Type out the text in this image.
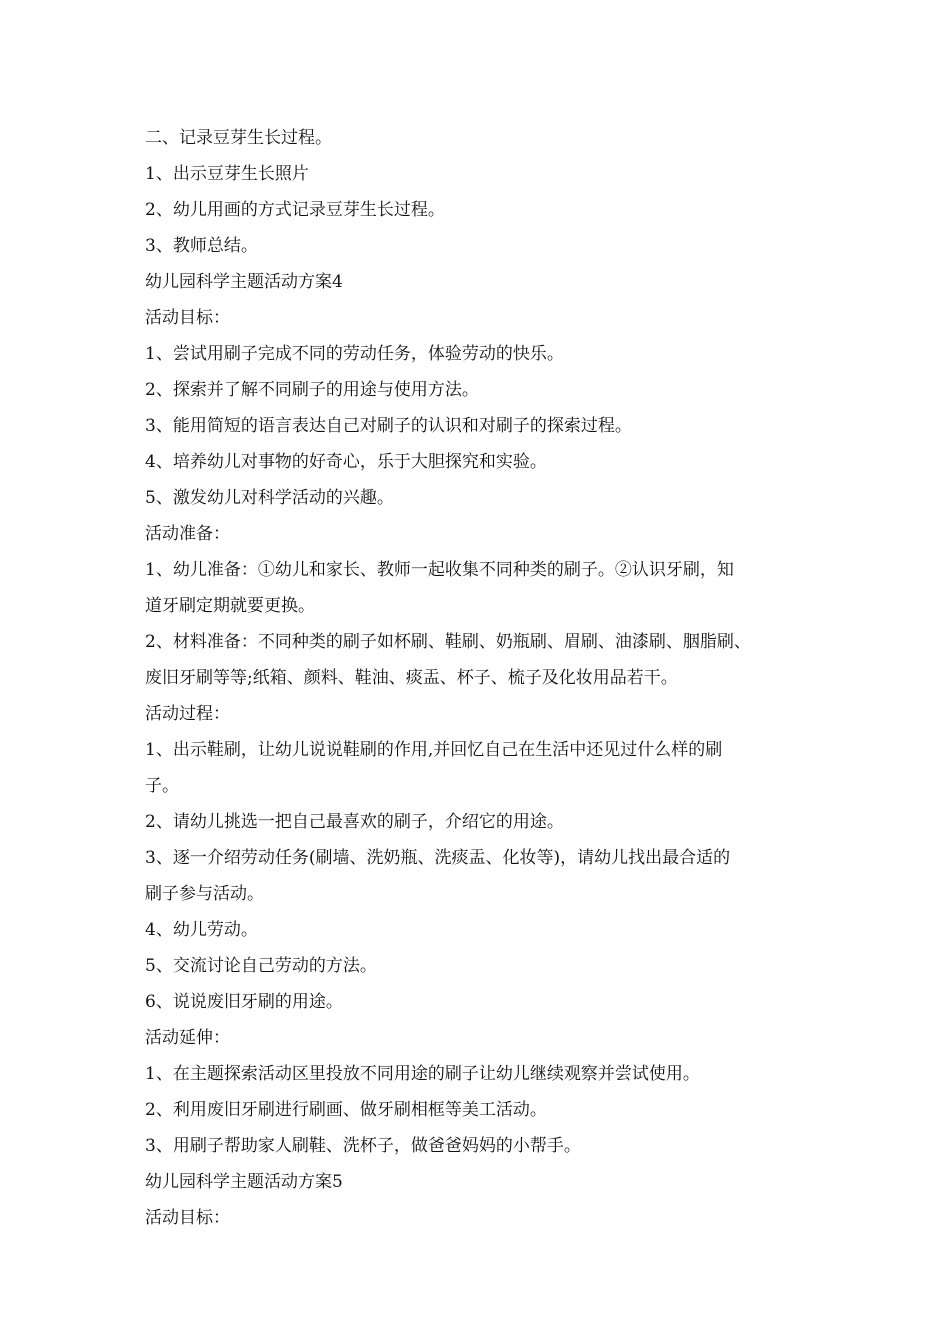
二、记录豆芽生长过程。
1、出示豆芽生长照片
2、幼儿用画的方式记录豆芽生长过程。
3、教师总结。
幼儿园科学主题活动方案4
活动目标：
1、尝试用刷子完成不同的劳动任务，体验劳动的快乐。
2、探索并了解不同刷子的用途与使用方法。
3、能用简短的语言表达自己对刷子的认识和对刷子的探索过程。
4、培养幼儿对事物的好奇心，乐于大胆探究和实验。
5、激发幼儿对科学活动的兴趣。
活动准备：
1、幼儿准备：①幼儿和家长、教师一起收集不同种类的刷子。②认识牙刷，知
道牙刷定期就要更换。
2、材料准备：不同种类的刷子如杯刷、鞋刷、奶瓶刷、眉刷、油漆刷、胭脂刷、
废旧牙刷等等;纸箱、颜料、鞋油、痰盂、杯子、梳子及化妆用品若干。
活动过程：
1、出示鞋刷，让幼儿说说鞋刷的作用,并回忆自己在生活中还见过什么样的刷
子。
2、请幼儿挑选一把自己最喜欢的刷子，介绍它的用途。
3、逐一介绍劳动任务(刷墙、洗奶瓶、洗痰盂、化妆等)，请幼儿找出最合适的
刷子参与活动。
4、幼儿劳动。
5、交流讨论自己劳动的方法。
6、说说废旧牙刷的用途。
活动延伸：
1、在主题探索活动区里投放不同用途的刷子让幼儿继续观察并尝试使用。
2、利用废旧牙刷进行刷画、做牙刷相框等美工活动。
3、用刷子帮助家人刷鞋、洗杯子，做爸爸妈妈的小帮手。
幼儿园科学主题活动方案5
活动目标：
